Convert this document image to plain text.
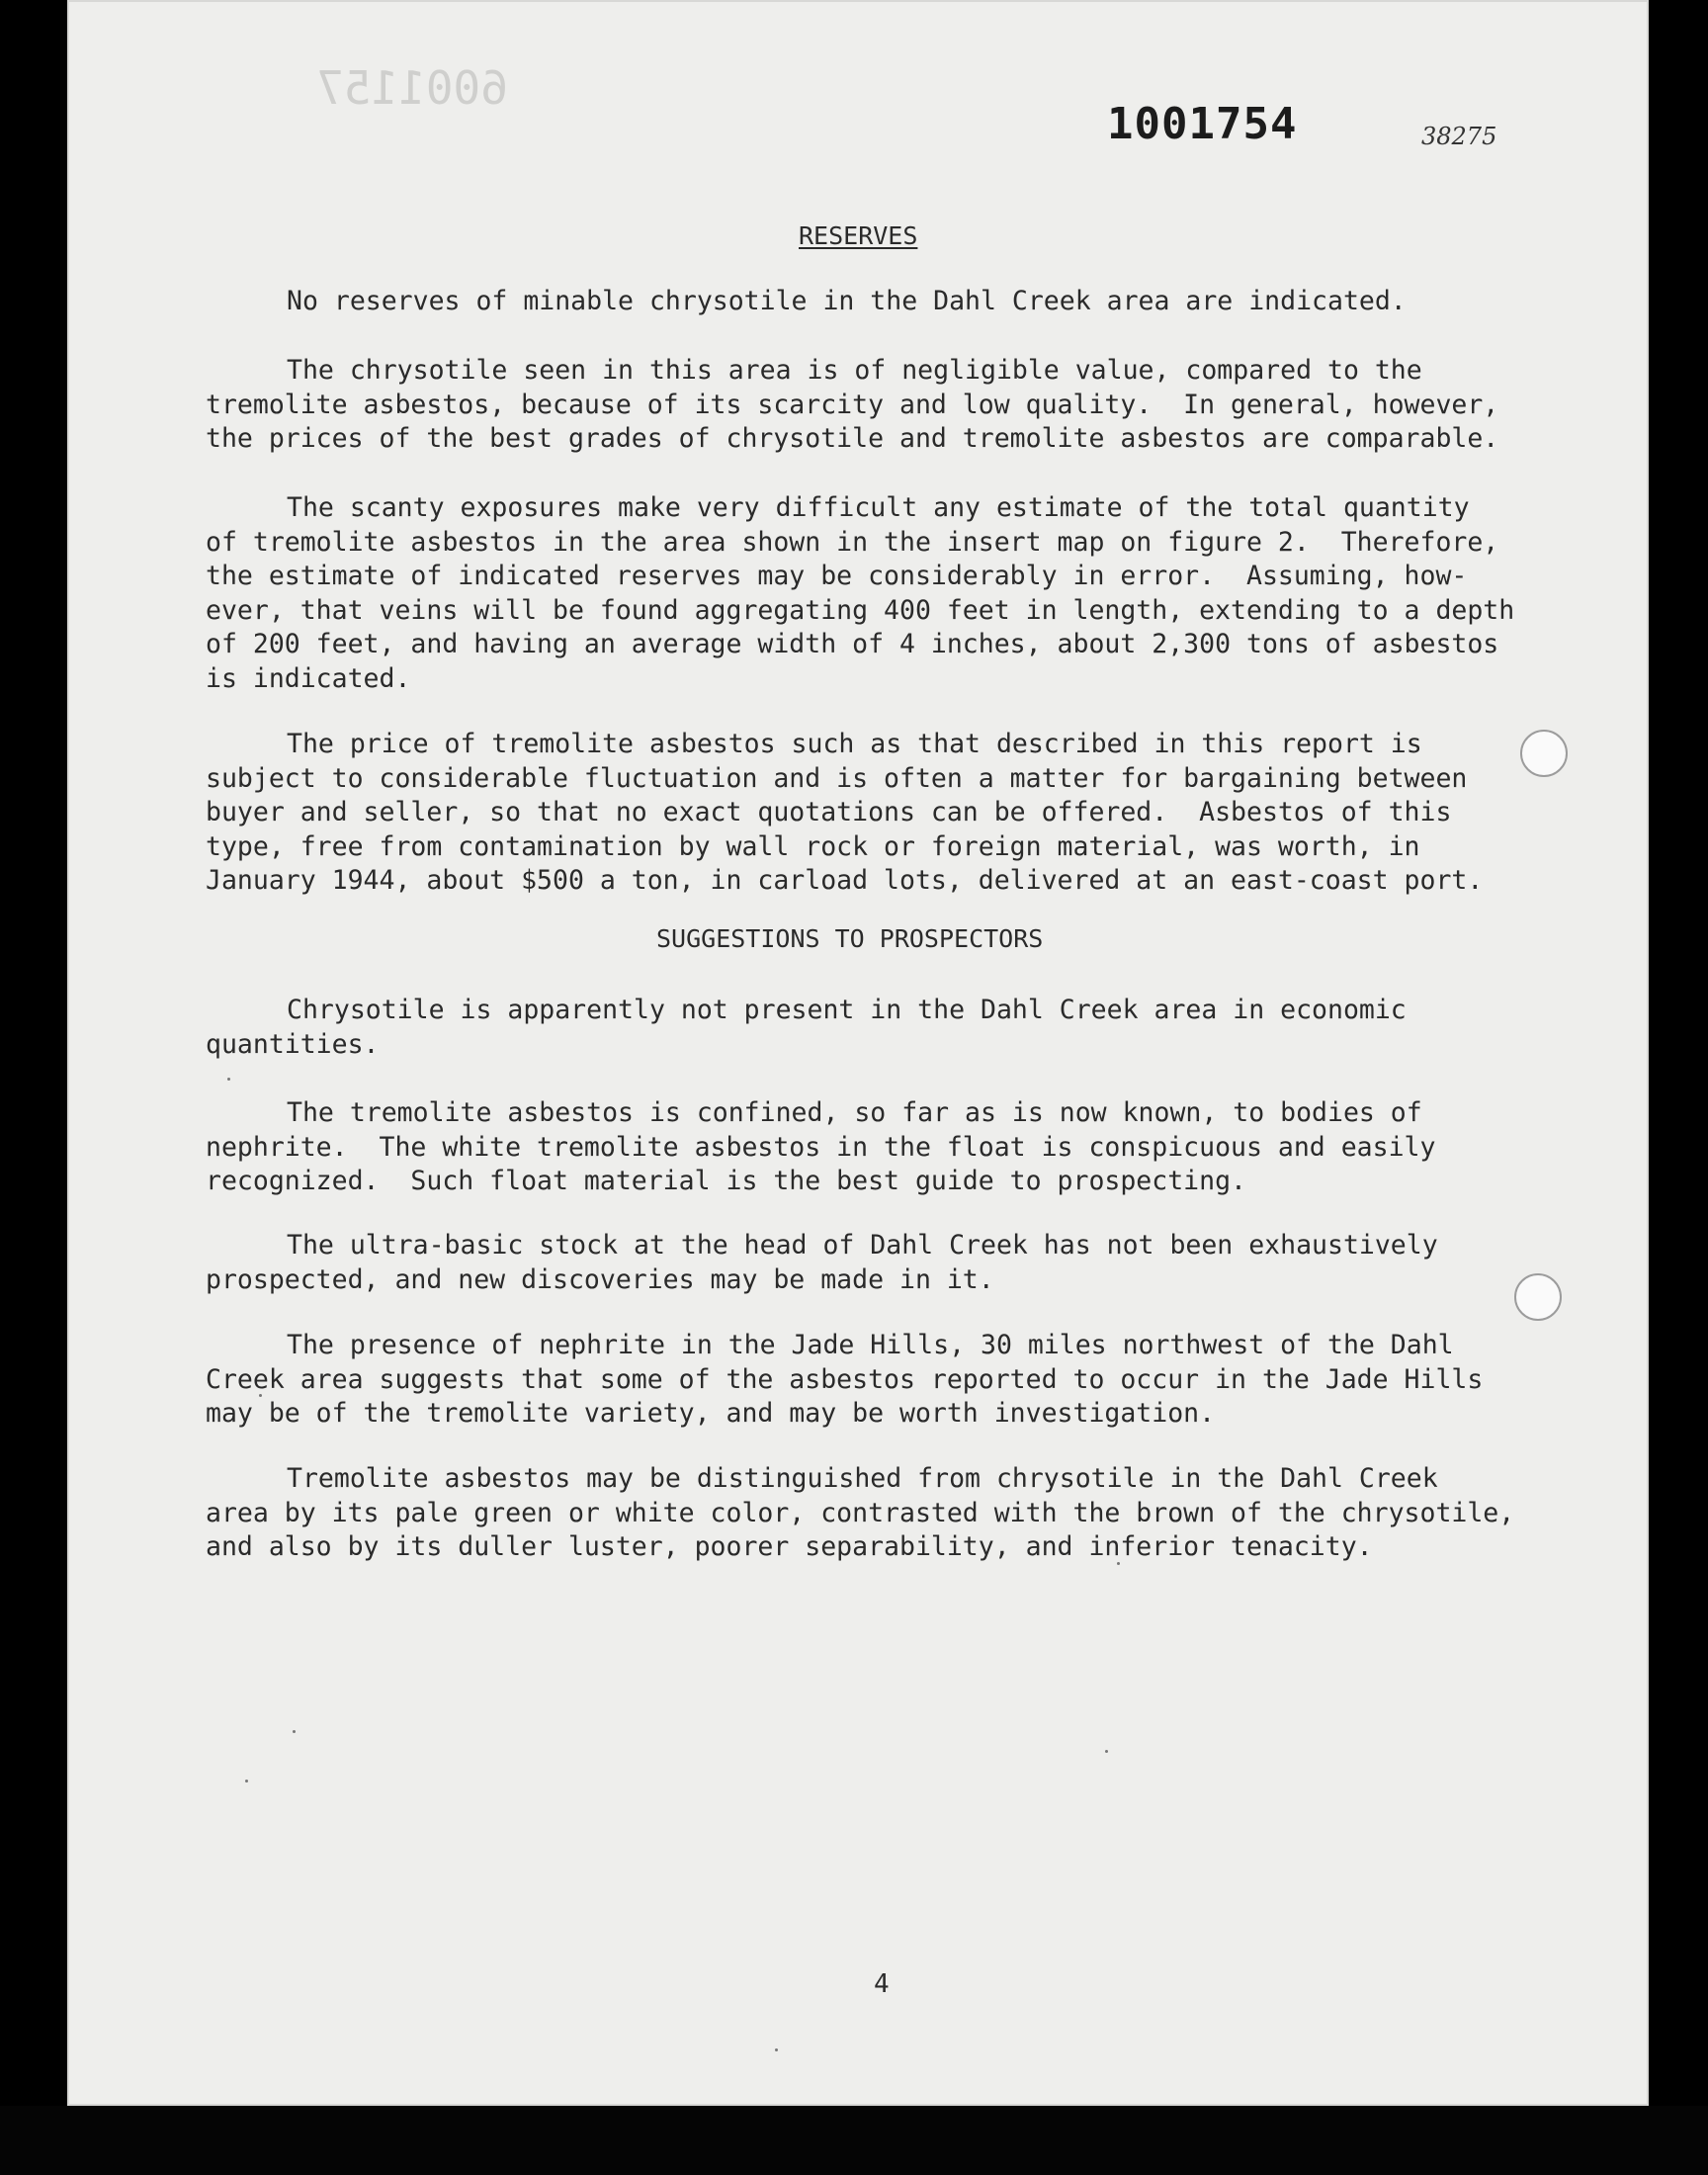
6001157
1001754	38275
RESERVES

No reserves of minable chrysotile in the Dahl Creek area are indicated.

The chrysotile seen in this area is of negligible value, compared to the

tremolite asbestos, because of its scarcity and low quality.  In general, however,

the prices of the best grades of chrysotile and tremolite asbestos are comparable.

The scanty exposures make very difficult any estimate of the total quantity

of tremolite asbestos in the area shown in the insert map on figure 2.  Therefore,

the estimate of indicated reserves may be considerably in error.  Assuming, how-

ever, that veins will be found aggregating 400 feet in length, extending to a depth

of 200 feet, and having an average width of 4 inches, about 2,300 tons of asbestos

is indicated.

The price of tremolite asbestos such as that described in this report is

subject to considerable fluctuation and is often a matter for bargaining between

buyer and seller, so that no exact quotations can be offered.  Asbestos of this

type, free from contamination by wall rock or foreign material, was worth, in

January 1944, about $500 a ton, in carload lots, delivered at an east-coast port.

SUGGESTIONS TO PROSPECTORS

Chrysotile is apparently not present in the Dahl Creek area in economic

quantities.

The tremolite asbestos is confined, so far as is now known, to bodies of

nephrite.  The white tremolite asbestos in the float is conspicuous and easily

recognized.  Such float material is the best guide to prospecting.

The ultra-basic stock at the head of Dahl Creek has not been exhaustively

prospected, and new discoveries may be made in it.

The presence of nephrite in the Jade Hills, 30 miles northwest of the Dahl

Creek area suggests that some of the asbestos reported to occur in the Jade Hills

may be of the tremolite variety, and may be worth investigation.

Tremolite asbestos may be distinguished from chrysotile in the Dahl Creek

area by its pale green or white color, contrasted with the brown of the chrysotile,

and also by its duller luster, poorer separability, and inferior tenacity.

4
